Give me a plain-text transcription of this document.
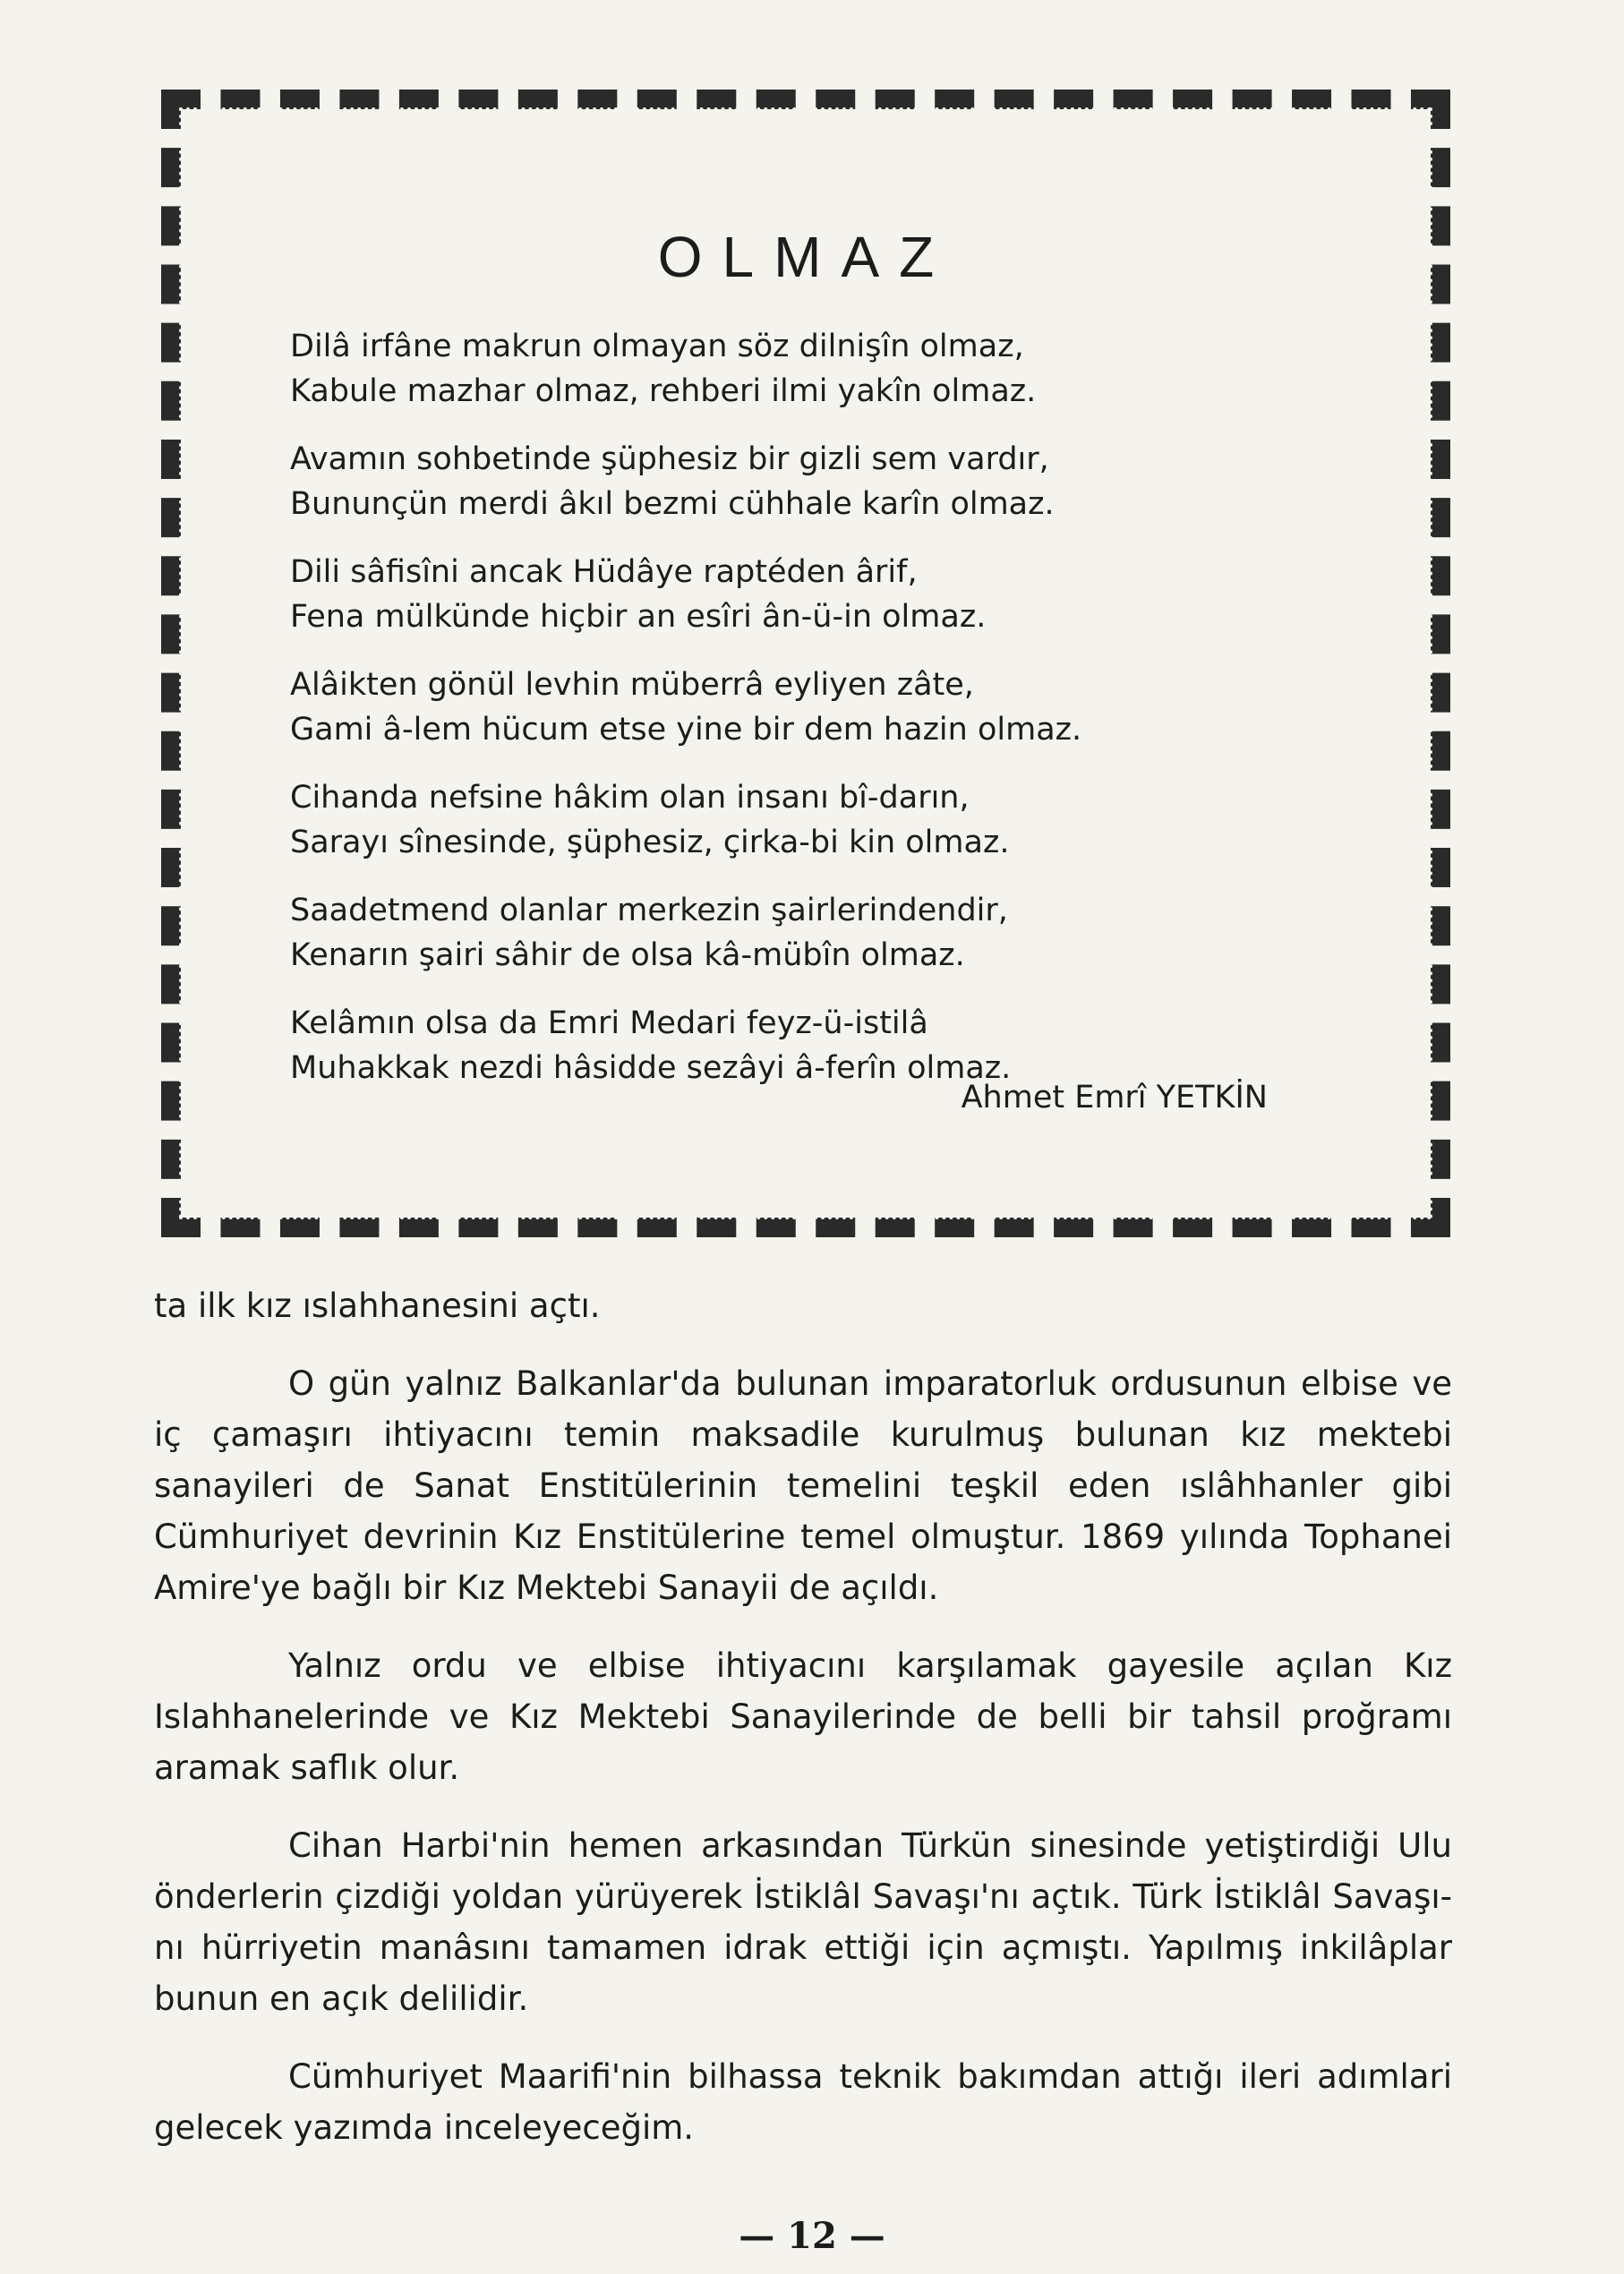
OLMAZ
Dilâ irfâne makrun olmayan söz dilnişîn olmaz,
Kabule mazhar olmaz, rehberi ilmi yakîn olmaz.
Avamın sohbetinde şüphesiz bir gizli sem vardır,
Bununçün merdi âkıl bezmi cühhale karîn olmaz.
Dili sâfisîni ancak Hüdâye raptéden ârif,
Fena mülkünde hiçbir an esîri ân-ü-in olmaz.
Alâikten gönül levhin müberrâ eyliyen zâte,
Gami â-lem hücum etse yine bir dem hazin olmaz.
Cihanda nefsine hâkim olan insanı bî-darın,
Sarayı sînesinde, şüphesiz, çirka-bi kin olmaz.
Saadetmend olanlar merkezin şairlerindendir,
Kenarın şairi sâhir de olsa kâ-mübîn olmaz.
Kelâmın olsa da Emri Medari feyz-ü-istilâ
Muhakkak nezdi hâsidde sezâyi â-ferîn olmaz.
Ahmet Emrî YETKİN

ta ilk kız ıslahhanesini açtı.

O gün yalnız Balkanlar'da bulunan imparatorluk ordusunun elbise ve iç çamaşırı ihtiyacını temin maksadile kurulmuş bulunan kız mektebi sanayileri de Sanat Enstitülerinin temelini teşkil eden ıslâhhanler gibi Cümhuriyet devrinin Kız Enstitülerine temel olmuştur. 1869 yılında Tophanei Amire'ye bağlı bir Kız Mektebi Sanayii de açıldı.

Yalnız ordu ve elbise ihtiyacını karşılamak gayesile açılan Kız Islahhanelerinde ve Kız Mektebi Sanayilerinde de belli bir tahsil proğramı aramak saflık olur.

Cihan Harbi'nin hemen arkasından Türkün sinesinde yetiştirdiği Ulu önderlerin çizdiği yoldan yürüyerek İstiklâl Savaşı'nı açtık. Türk İstiklâl Savaşı-nı hürriyetin manâsını tamamen idrak ettiği için açmıştı. Yapılmış inkilâplar bunun en açık delilidir.

Cümhuriyet Maarifi'nin bilhassa teknik bakımdan attığı ileri adımlari gelecek yazımda inceleyeceğim.

— 12 —
